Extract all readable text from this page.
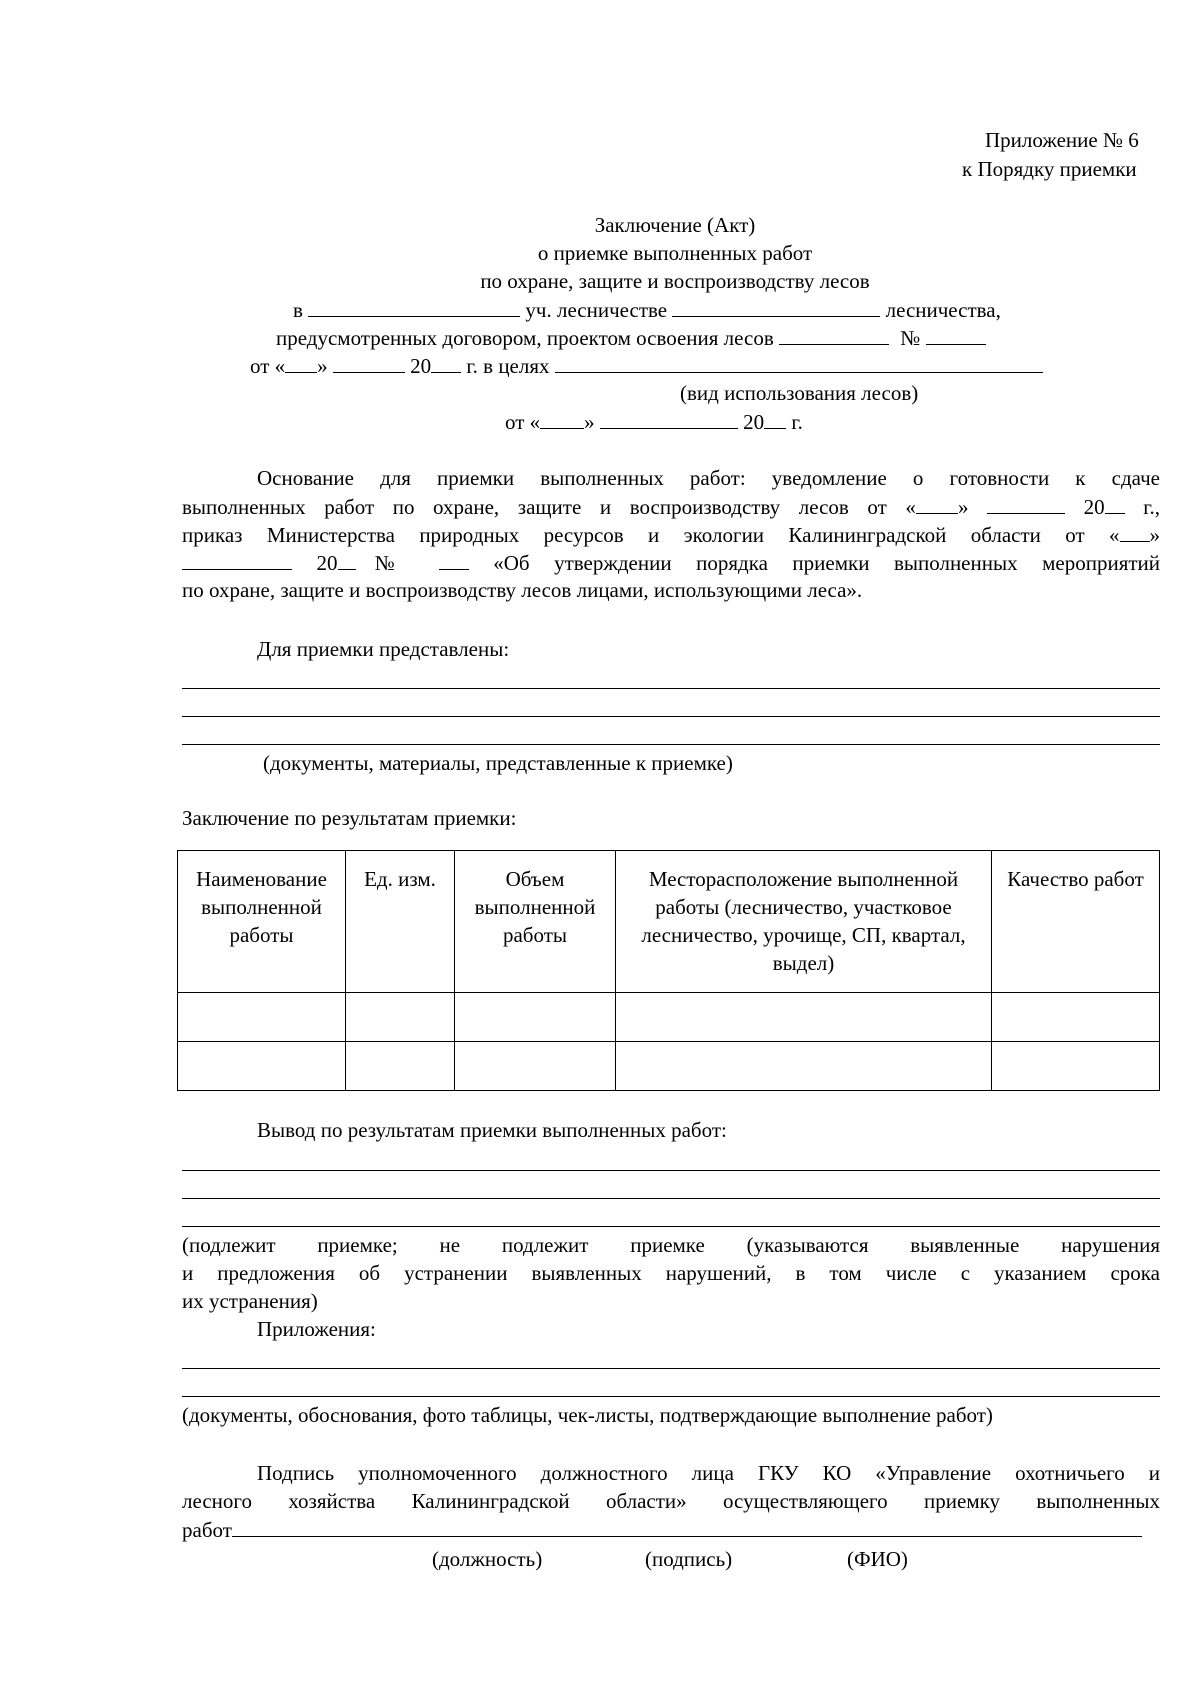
Приложение № 6
к Порядку приемки
Заключение (Акт)
о приемке выполненных работ
по охране, защите и воспроизводству лесов
в	уч. лесничестве	лесничества,
предусмотренных договором, проектом освоения лесов	№
от « »	20 г. в целях
(вид использования лесов)
от « »	20 г.
Основание для приемки выполненных работ: уведомление о готовности к сдаче
выполненных работ по охране, защите и воспроизводству лесов от « »	20 г.,
приказ Министерства природных ресурсов и экологии Калининградской области от « »
20 №	«Об утверждении порядка приемки выполненных мероприятий
по охране, защите и воспроизводству лесов лицами, использующими леса».
Для приемки представлены:
(документы, материалы, представленные к приемке)
Заключение по результатам приемки:
Наименование выполненной работы	Ед. изм.	Объем выполненной работы	Месторасположение выполненной работы (лесничество, участковое лесничество, урочище, СП, квартал, выдел)	Качество работ

Вывод по результатам приемки выполненных работ:
(подлежит приемке; не подлежит приемке (указываются выявленные нарушения
и предложения об устранении выявленных нарушений, в том числе с указанием срока
их устранения)
Приложения:
(документы, обоснования, фото таблицы, чек-листы, подтверждающие выполнение работ)
Подпись уполномоченного должностного лица ГКУ КО «Управление охотничьего и
лесного хозяйства Калининградской области» осуществляющего приемку выполненных
работ
(должность)	(подпись)	(ФИО)
